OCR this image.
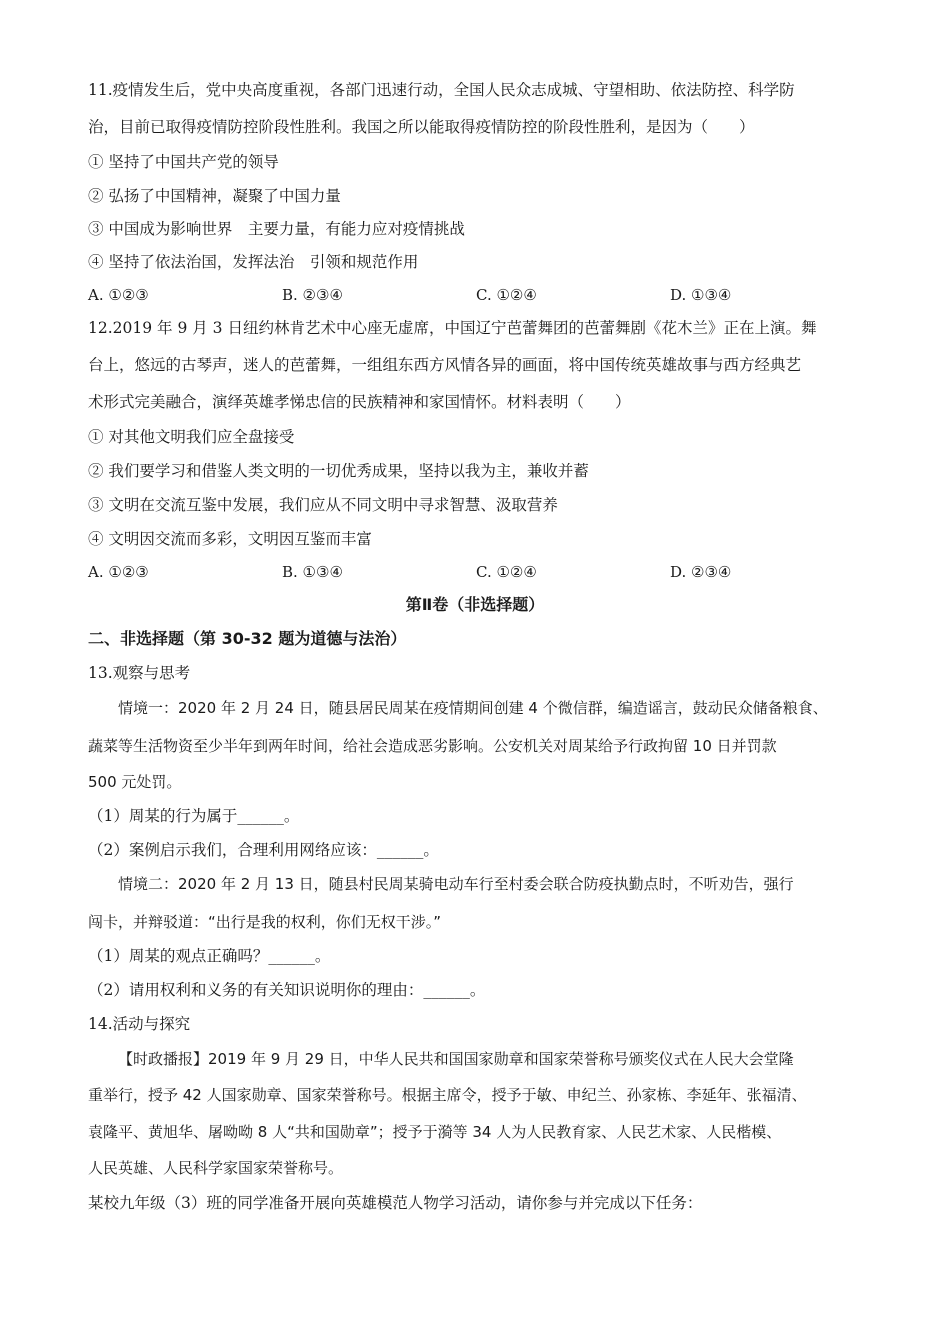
11.疫情发生后，党中央高度重视，各部门迅速行动，全国人民众志成城、守望相助、依法防控、科学防
治，目前已取得疫情防控阶段性胜利。我国之所以能取得疫情防控的阶段性胜利，是因为（　　）
① 坚持了中国共产党的领导
② 弘扬了中国精神，凝聚了中国力量
③ 中国成为影响世界　主要力量，有能力应对疫情挑战
④ 坚持了依法治国，发挥法治　引领和规范作用
A. ①②③	B. ②③④	C. ①②④	D. ①③④
12.2019 年 9 月 3 日纽约林肯艺术中心座无虚席，中国辽宁芭蕾舞团的芭蕾舞剧《花木兰》正在上演。舞
台上，悠远的古琴声，迷人的芭蕾舞，一组组东西方风情各异的画面，将中国传统英雄故事与西方经典艺
术形式完美融合，演绎英雄孝悌忠信的民族精神和家国情怀。材料表明（　　）
① 对其他文明我们应全盘接受
② 我们要学习和借鉴人类文明的一切优秀成果，坚持以我为主，兼收并蓄
③ 文明在交流互鉴中发展，我们应从不同文明中寻求智慧、汲取营养
④ 文明因交流而多彩，文明因互鉴而丰富
A. ①②③	B. ①③④	C. ①②④	D. ②③④
第Ⅱ卷（非选择题）
二、非选择题（第 30-32 题为道德与法治）
13.观察与思考
情境一：2020 年 2 月 24 日，随县居民周某在疫情期间创建 4 个微信群，编造谣言，鼓动民众储备粮食、
蔬菜等生活物资至少半年到两年时间，给社会造成恶劣影响。公安机关对周某给予行政拘留 10 日并罚款
500 元处罚。
（1）周某的行为属于______。
（2）案例启示我们，合理利用网络应该：______。
情境二：2020 年 2 月 13 日，随县村民周某骑电动车行至村委会联合防疫执勤点时，不听劝告，强行
闯卡，并辩驳道：“出行是我的权利，你们无权干涉。”
（1）周某的观点正确吗？______。
（2）请用权利和义务的有关知识说明你的理由：______。
14.活动与探究
【时政播报】2019 年 9 月 29 日，中华人民共和国国家勋章和国家荣誉称号颁奖仪式在人民大会堂隆
重举行，授予 42 人国家勋章、国家荣誉称号。根据主席令，授予于敏、申纪兰、孙家栋、李延年、张福清、
袁隆平、黄旭华、屠呦呦 8 人“共和国勋章”；授予于漪等 34 人为人民教育家、人民艺术家、人民楷模、
人民英雄、人民科学家国家荣誉称号。
某校九年级（3）班的同学准备开展向英雄模范人物学习活动，请你参与并完成以下任务：
